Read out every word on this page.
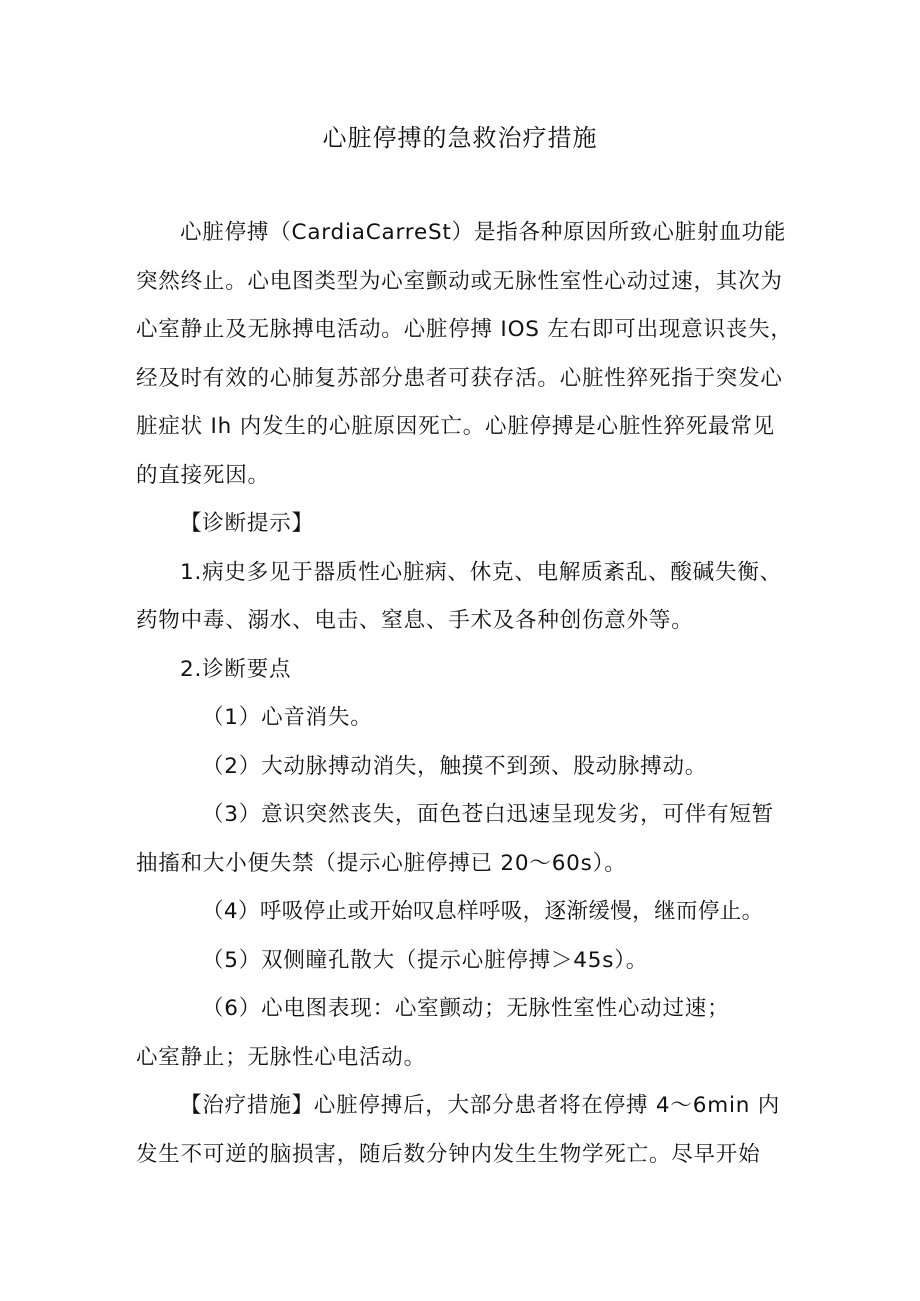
心脏停搏的急救治疗措施

心脏停搏（CardiaCarreSt）是指各种原因所致心脏射血功能突然终止。心电图类型为心室颤动或无脉性室性心动过速，其次为心室静止及无脉搏电活动。心脏停搏 IOS 左右即可出现意识丧失，经及时有效的心肺复苏部分患者可获存活。心脏性猝死指于突发心脏症状 Ih 内发生的心脏原因死亡。心脏停搏是心脏性猝死最常见的直接死因。

【诊断提示】

1.病史多见于器质性心脏病、休克、电解质紊乱、酸碱失衡、药物中毒、溺水、电击、窒息、手术及各种创伤意外等。

2.诊断要点

（1）心音消失。

（2）大动脉搏动消失，触摸不到颈、股动脉搏动。

（3）意识突然丧失，面色苍白迅速呈现发劣，可伴有短暂抽搐和大小便失禁（提示心脏停搏已 20～60s）。

（4）呼吸停止或开始叹息样呼吸，逐渐缓慢，继而停止。

（5）双侧瞳孔散大（提示心脏停搏＞45s）。

（6）心电图表现：心室颤动；无脉性室性心动过速；

心室静止；无脉性心电活动。

【治疗措施】心脏停搏后，大部分患者将在停搏 4～6min 内发生不可逆的脑损害，随后数分钟内发生生物学死亡。尽早开始
